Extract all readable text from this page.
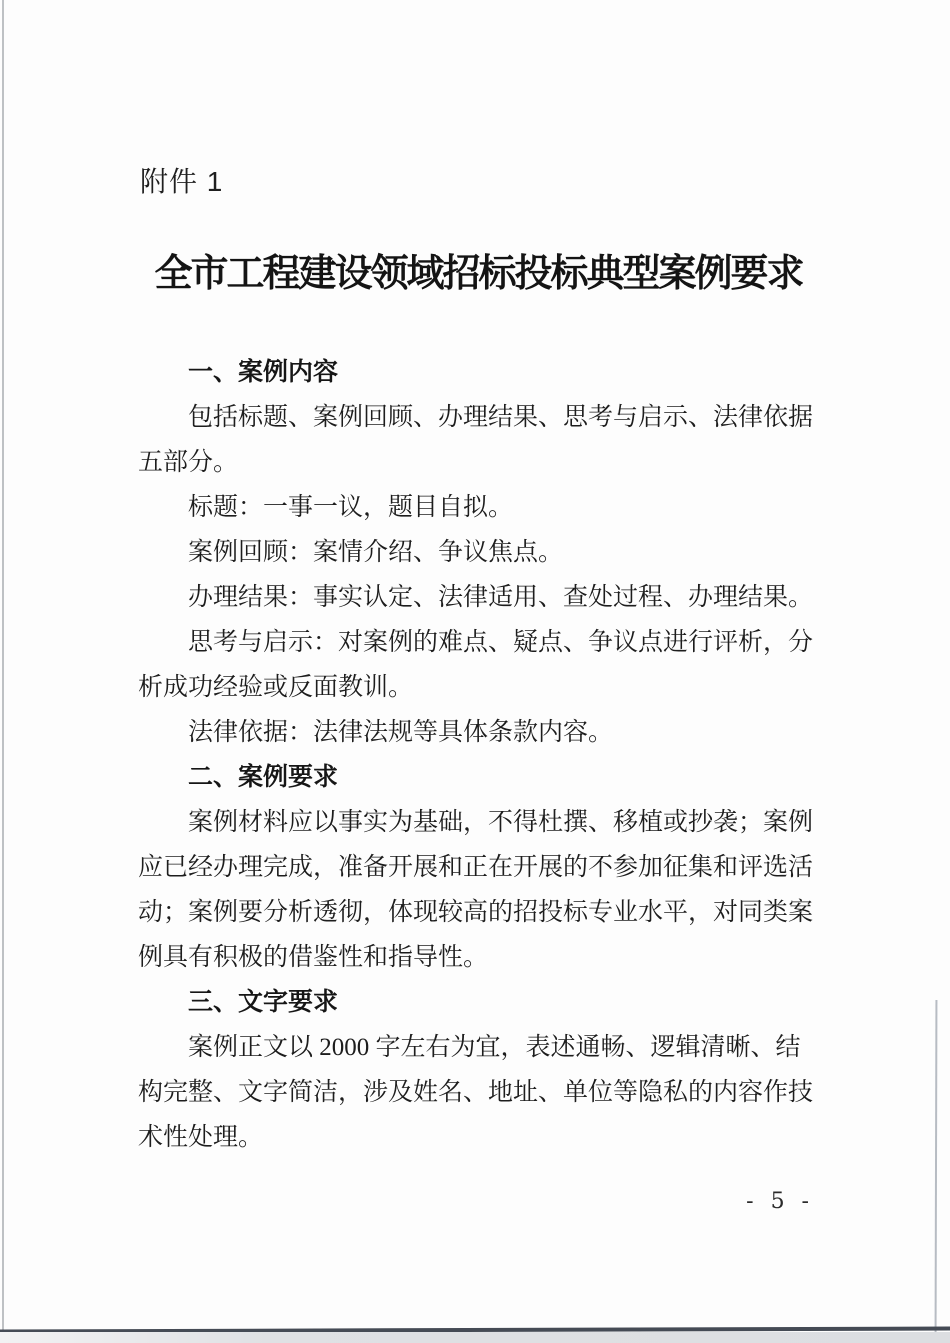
附件 1
全市工程建设领域招标投标典型案例要求
一、案例内容
包括标题、案例回顾、办理结果、思考与启示、法律依据
五部分。
标题：一事一议，题目自拟。
案例回顾：案情介绍、争议焦点。
办理结果：事实认定、法律适用、查处过程、办理结果。
思考与启示：对案例的难点、疑点、争议点进行评析，分
析成功经验或反面教训。
法律依据：法律法规等具体条款内容。
二、案例要求
案例材料应以事实为基础，不得杜撰、移植或抄袭；案例
应已经办理完成，准备开展和正在开展的不参加征集和评选活
动；案例要分析透彻，体现较高的招投标专业水平，对同类案
例具有积极的借鉴性和指导性。
三、文字要求
案例正文以 2000 字左右为宜，表述通畅、逻辑清晰、结
构完整、文字简洁，涉及姓名、地址、单位等隐私的内容作技
术性处理。
- 5 -
